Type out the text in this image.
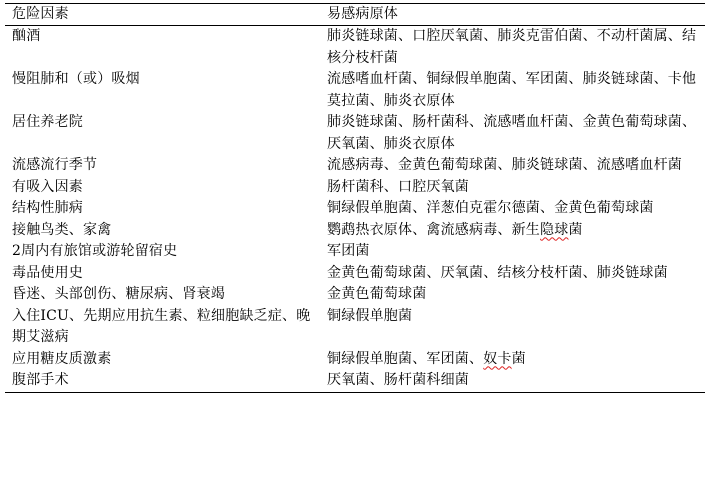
危险因素	易感病原体
酗酒	肺炎链球菌、口腔厌氧菌、肺炎克雷伯菌、不动杆菌属、结核分枝杆菌
慢阻肺和（或）吸烟	流感嗜血杆菌、铜绿假单胞菌、军团菌、肺炎链球菌、卡他莫拉菌、肺炎衣原体
居住养老院	肺炎链球菌、肠杆菌科、流感嗜血杆菌、金黄色葡萄球菌、厌氧菌、肺炎衣原体
流感流行季节	流感病毒、金黄色葡萄球菌、肺炎链球菌、流感嗜血杆菌
有吸入因素	肠杆菌科、口腔厌氧菌
结构性肺病	铜绿假单胞菌、洋葱伯克霍尔德菌、金黄色葡萄球菌
接触鸟类、家禽	鹦鹉热衣原体、禽流感病毒、新生隐球菌
2周内有旅馆或游轮留宿史	军团菌
毒品使用史	金黄色葡萄球菌、厌氧菌、结核分枝杆菌、肺炎链球菌
昏迷、头部创伤、糖尿病、肾衰竭	金黄色葡萄球菌
入住ICU、先期应用抗生素、粒细胞缺乏症、晚期艾滋病	铜绿假单胞菌
应用糖皮质激素	铜绿假单胞菌、军团菌、奴卡菌
腹部手术	厌氧菌、肠杆菌科细菌
